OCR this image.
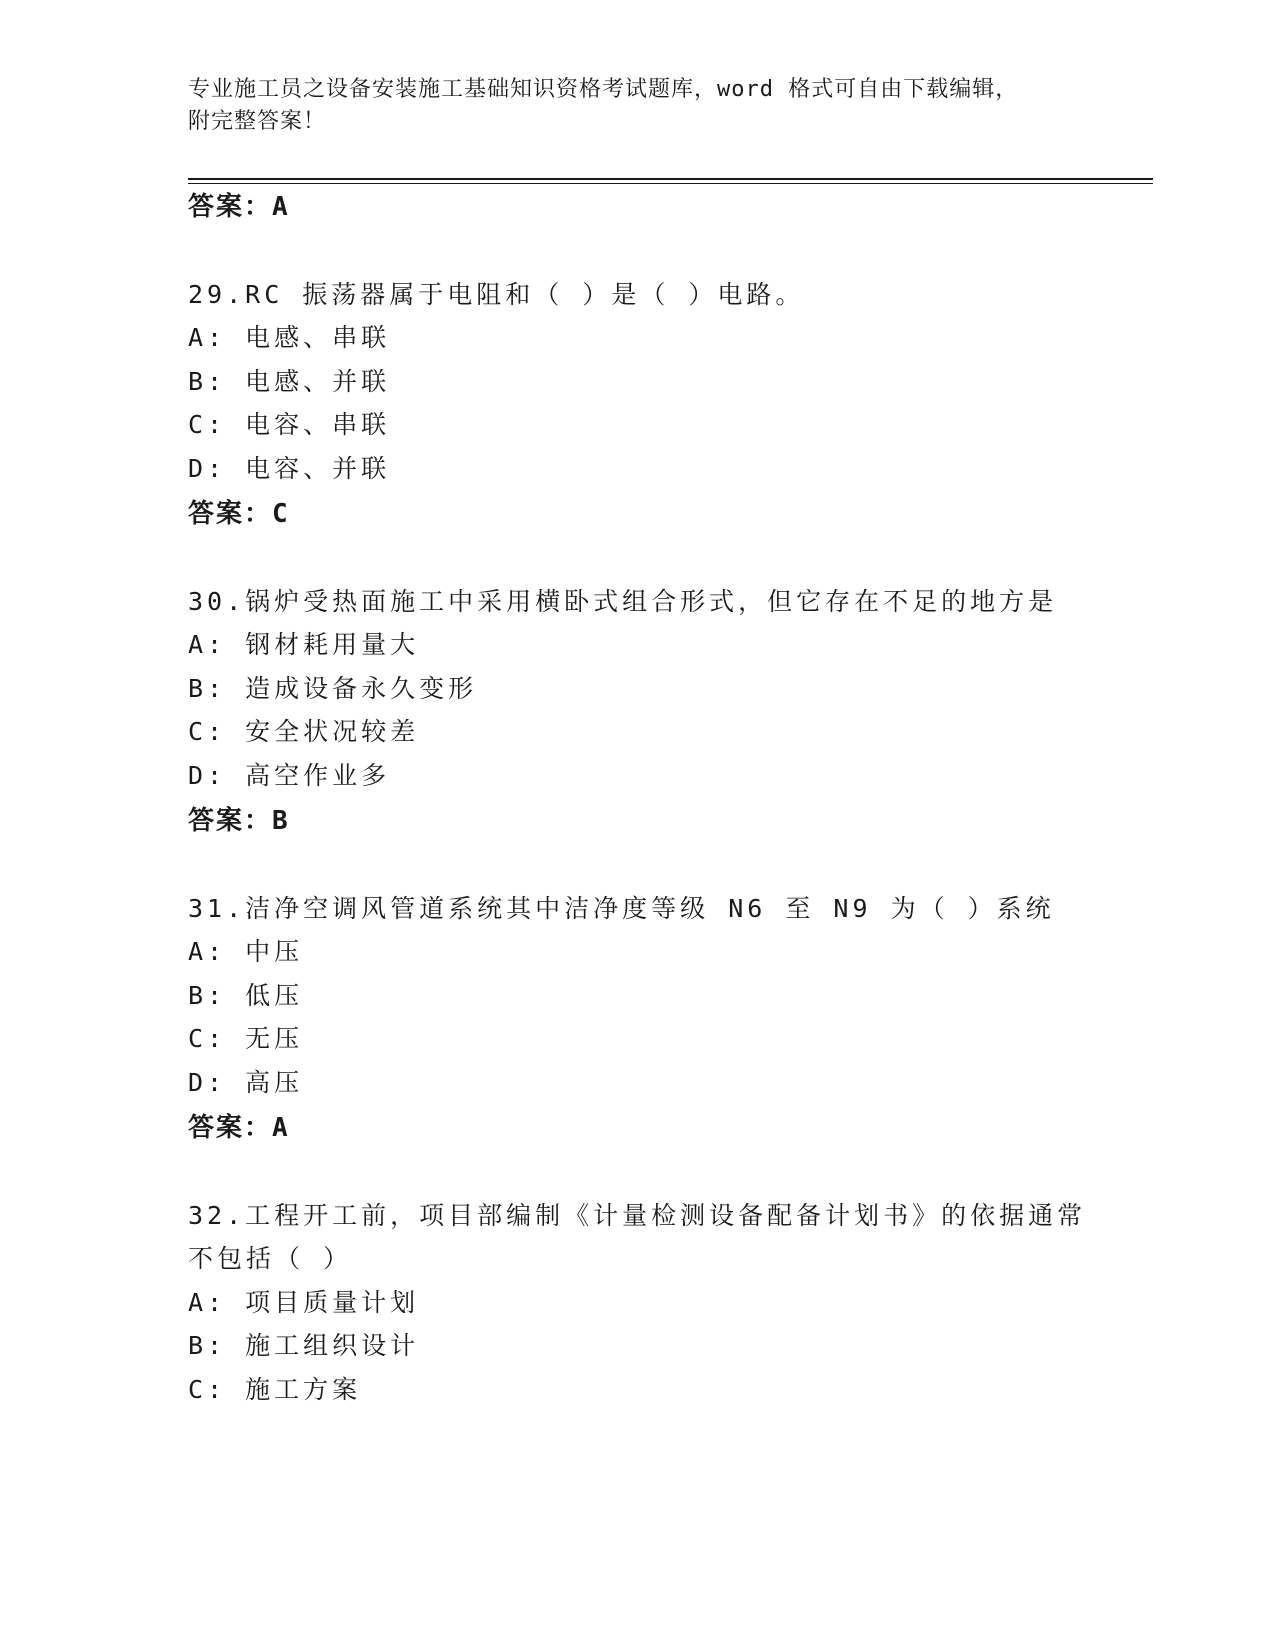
专业施工员之设备安装施工基础知识资格考试题库，word 格式可自由下载编辑，
附完整答案！
答案：A
29.RC 振荡器属于电阻和（ ）是（ ）电路。
A: 电感、串联
B: 电感、并联
C: 电容、串联
D: 电容、并联
答案：C
30.锅炉受热面施工中采用横卧式组合形式，但它存在不足的地方是
A: 钢材耗用量大
B: 造成设备永久变形
C: 安全状况较差
D: 高空作业多
答案：B
31.洁净空调风管道系统其中洁净度等级 N6 至 N9 为（ ）系统
A: 中压
B: 低压
C: 无压
D: 高压
答案：A
32.工程开工前，项目部编制《计量检测设备配备计划书》的依据通常
不包括（ ）
A: 项目质量计划
B: 施工组织设计
C: 施工方案
